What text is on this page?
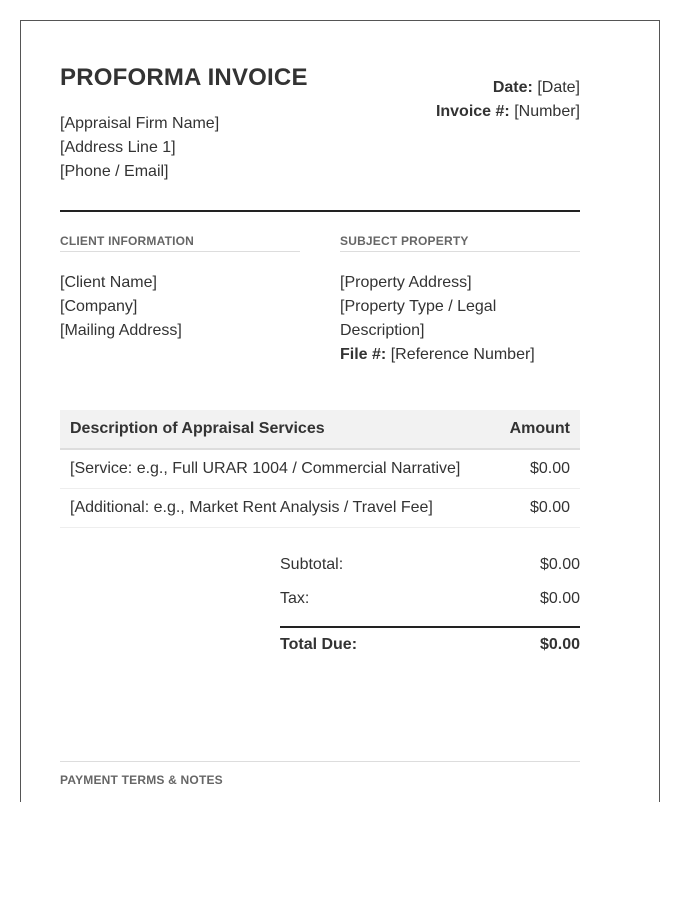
PROFORMA INVOICE
[Appraisal Firm Name]
[Address Line 1]
[Phone / Email]
Date: [Date]
Invoice #: [Number]
CLIENT INFORMATION
[Client Name]
[Company]
[Mailing Address]
SUBJECT PROPERTY
[Property Address]
[Property Type / Legal
Description]
File #: [Reference Number]
Description of Appraisal Services	Amount
[Service: e.g., Full URAR 1004 / Commercial Narrative]	$0.00
[Additional: e.g., Market Rent Analysis / Travel Fee]	$0.00
Subtotal:	$0.00
Tax:	$0.00
Total Due:	$0.00
PAYMENT TERMS & NOTES
